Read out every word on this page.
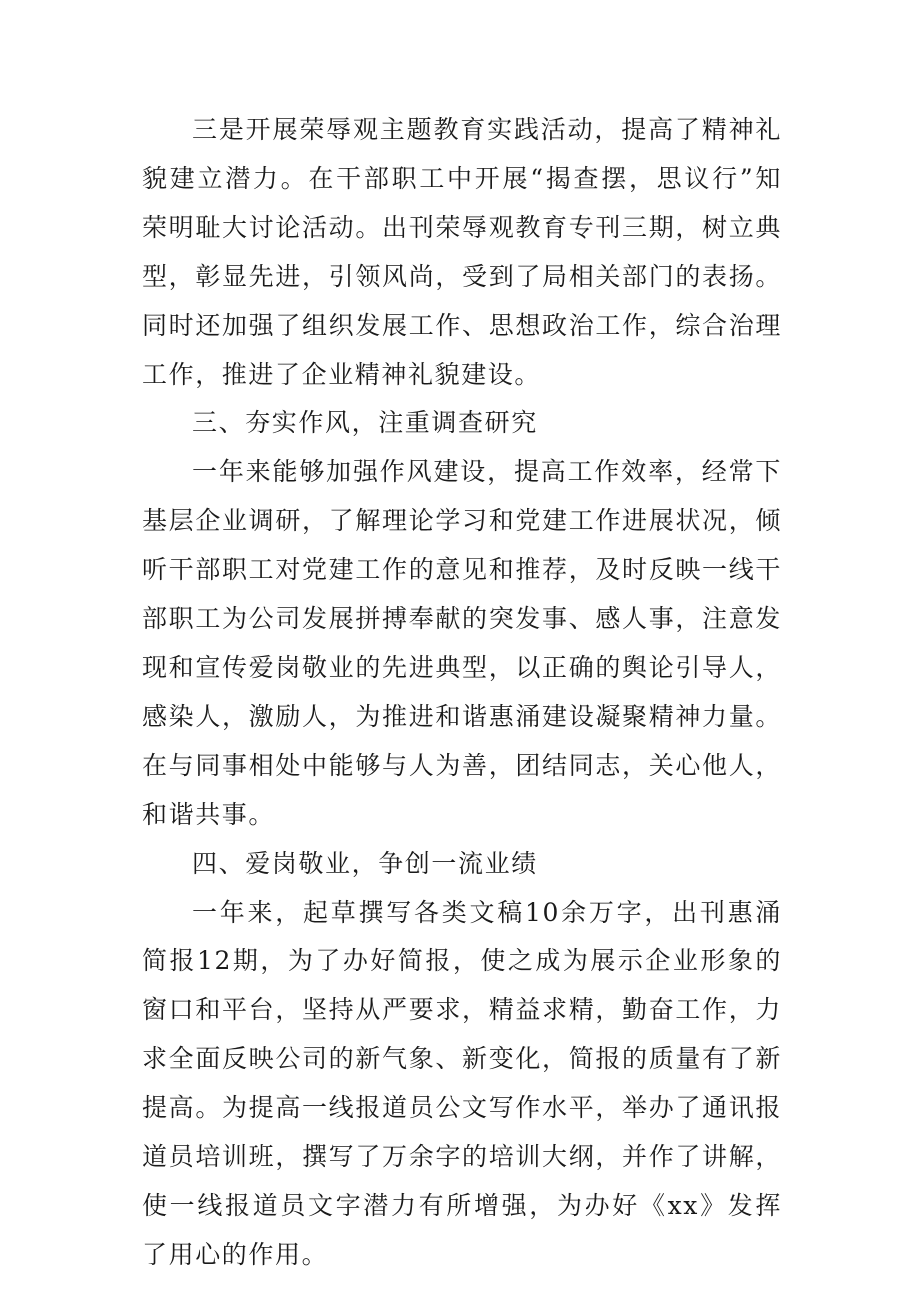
三是开展荣辱观主题教育实践活动，提高了精神礼貌建立潜力。在干部职工中开展“揭查摆，思议行”知荣明耻大讨论活动。出刊荣辱观教育专刊三期，树立典型，彰显先进，引领风尚，受到了局相关部门的表扬。同时还加强了组织发展工作、思想政治工作，综合治理工作，推进了企业精神礼貌建设。

三、夯实作风，注重调查研究

一年来能够加强作风建设，提高工作效率，经常下基层企业调研，了解理论学习和党建工作进展状况，倾听干部职工对党建工作的意见和推荐，及时反映一线干部职工为公司发展拼搏奉献的突发事、感人事，注意发现和宣传爱岗敬业的先进典型，以正确的舆论引导人，感染人，激励人，为推进和谐惠涌建设凝聚精神力量。在与同事相处中能够与人为善，团结同志，关心他人，和谐共事。

四、爱岗敬业，争创一流业绩

一年来，起草撰写各类文稿10余万字，出刊惠涌简报12期，为了办好简报，使之成为展示企业形象的窗口和平台，坚持从严要求，精益求精，勤奋工作，力求全面反映公司的新气象、新变化，简报的质量有了新提高。为提高一线报道员公文写作水平，举办了通讯报道员培训班，撰写了万余字的培训大纲，并作了讲解，使一线报道员文字潜力有所增强，为办好《xx》发挥了用心的作用。
